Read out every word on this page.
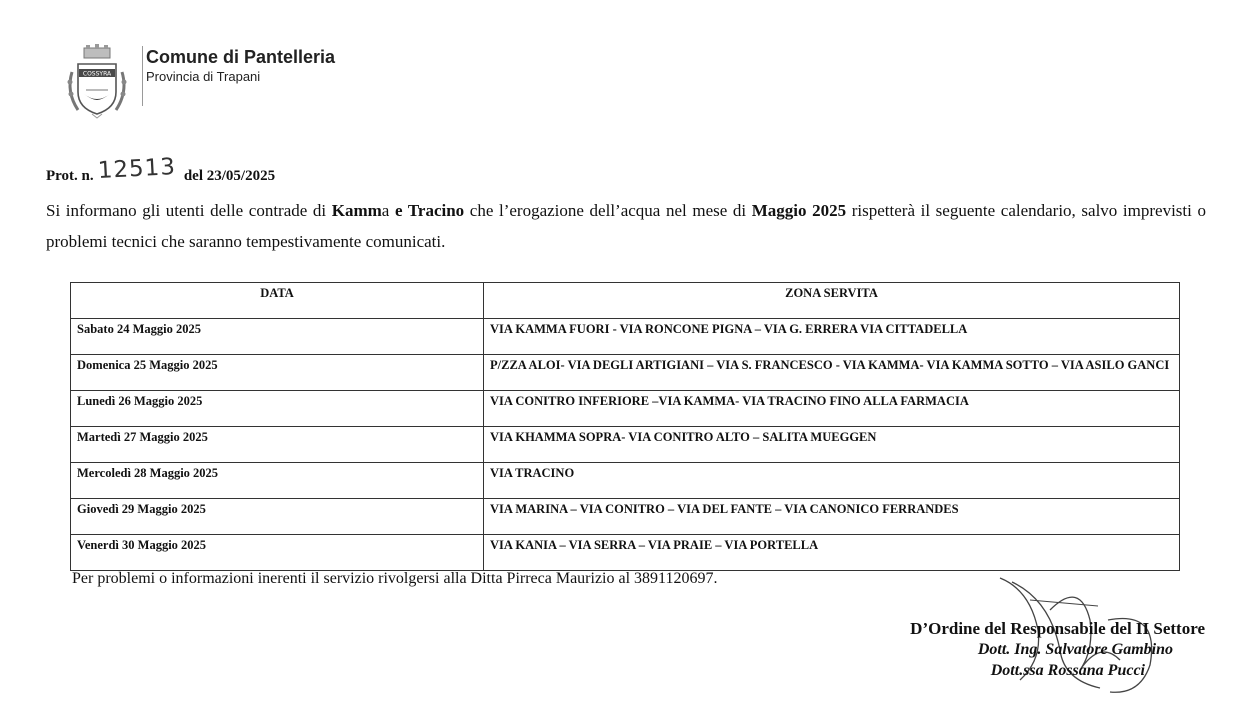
COSSYRA
Comune di Pantelleria
Provincia di Trapani
Prot. n. 12513 del 23/05/2025
Si informano gli utenti delle contrade di Kamma e Tracino che l’erogazione dell’acqua nel mese di Maggio 2025 rispetterà il seguente calendario, salvo imprevisti o problemi tecnici che saranno tempestivamente comunicati.
DATA	ZONA SERVITA
Sabato 24 Maggio 2025	VIA KAMMA FUORI - VIA RONCONE PIGNA – VIA G. ERRERA VIA CITTADELLA
Domenica 25 Maggio 2025	P/ZZA ALOI- VIA DEGLI ARTIGIANI – VIA S. FRANCESCO - VIA KAMMA- VIA KAMMA SOTTO – VIA ASILO GANCI
Lunedì 26 Maggio 2025	VIA CONITRO INFERIORE –VIA KAMMA- VIA TRACINO FINO ALLA FARMACIA
Martedì 27 Maggio 2025	VIA KHAMMA SOPRA- VIA CONITRO ALTO – SALITA MUEGGEN
Mercoledì 28 Maggio 2025	VIA TRACINO
Giovedì 29 Maggio 2025	VIA MARINA – VIA CONITRO – VIA DEL FANTE – VIA CANONICO FERRANDES
Venerdì 30 Maggio 2025	VIA KANIA – VIA SERRA – VIA PRAIE – VIA PORTELLA
Per problemi o informazioni inerenti il servizio rivolgersi alla Ditta Pirreca Maurizio al 3891120697.
D’Ordine del Responsabile del II Settore
Dott. Ing. Salvatore Gambino
Dott.ssa Rossana Pucci
